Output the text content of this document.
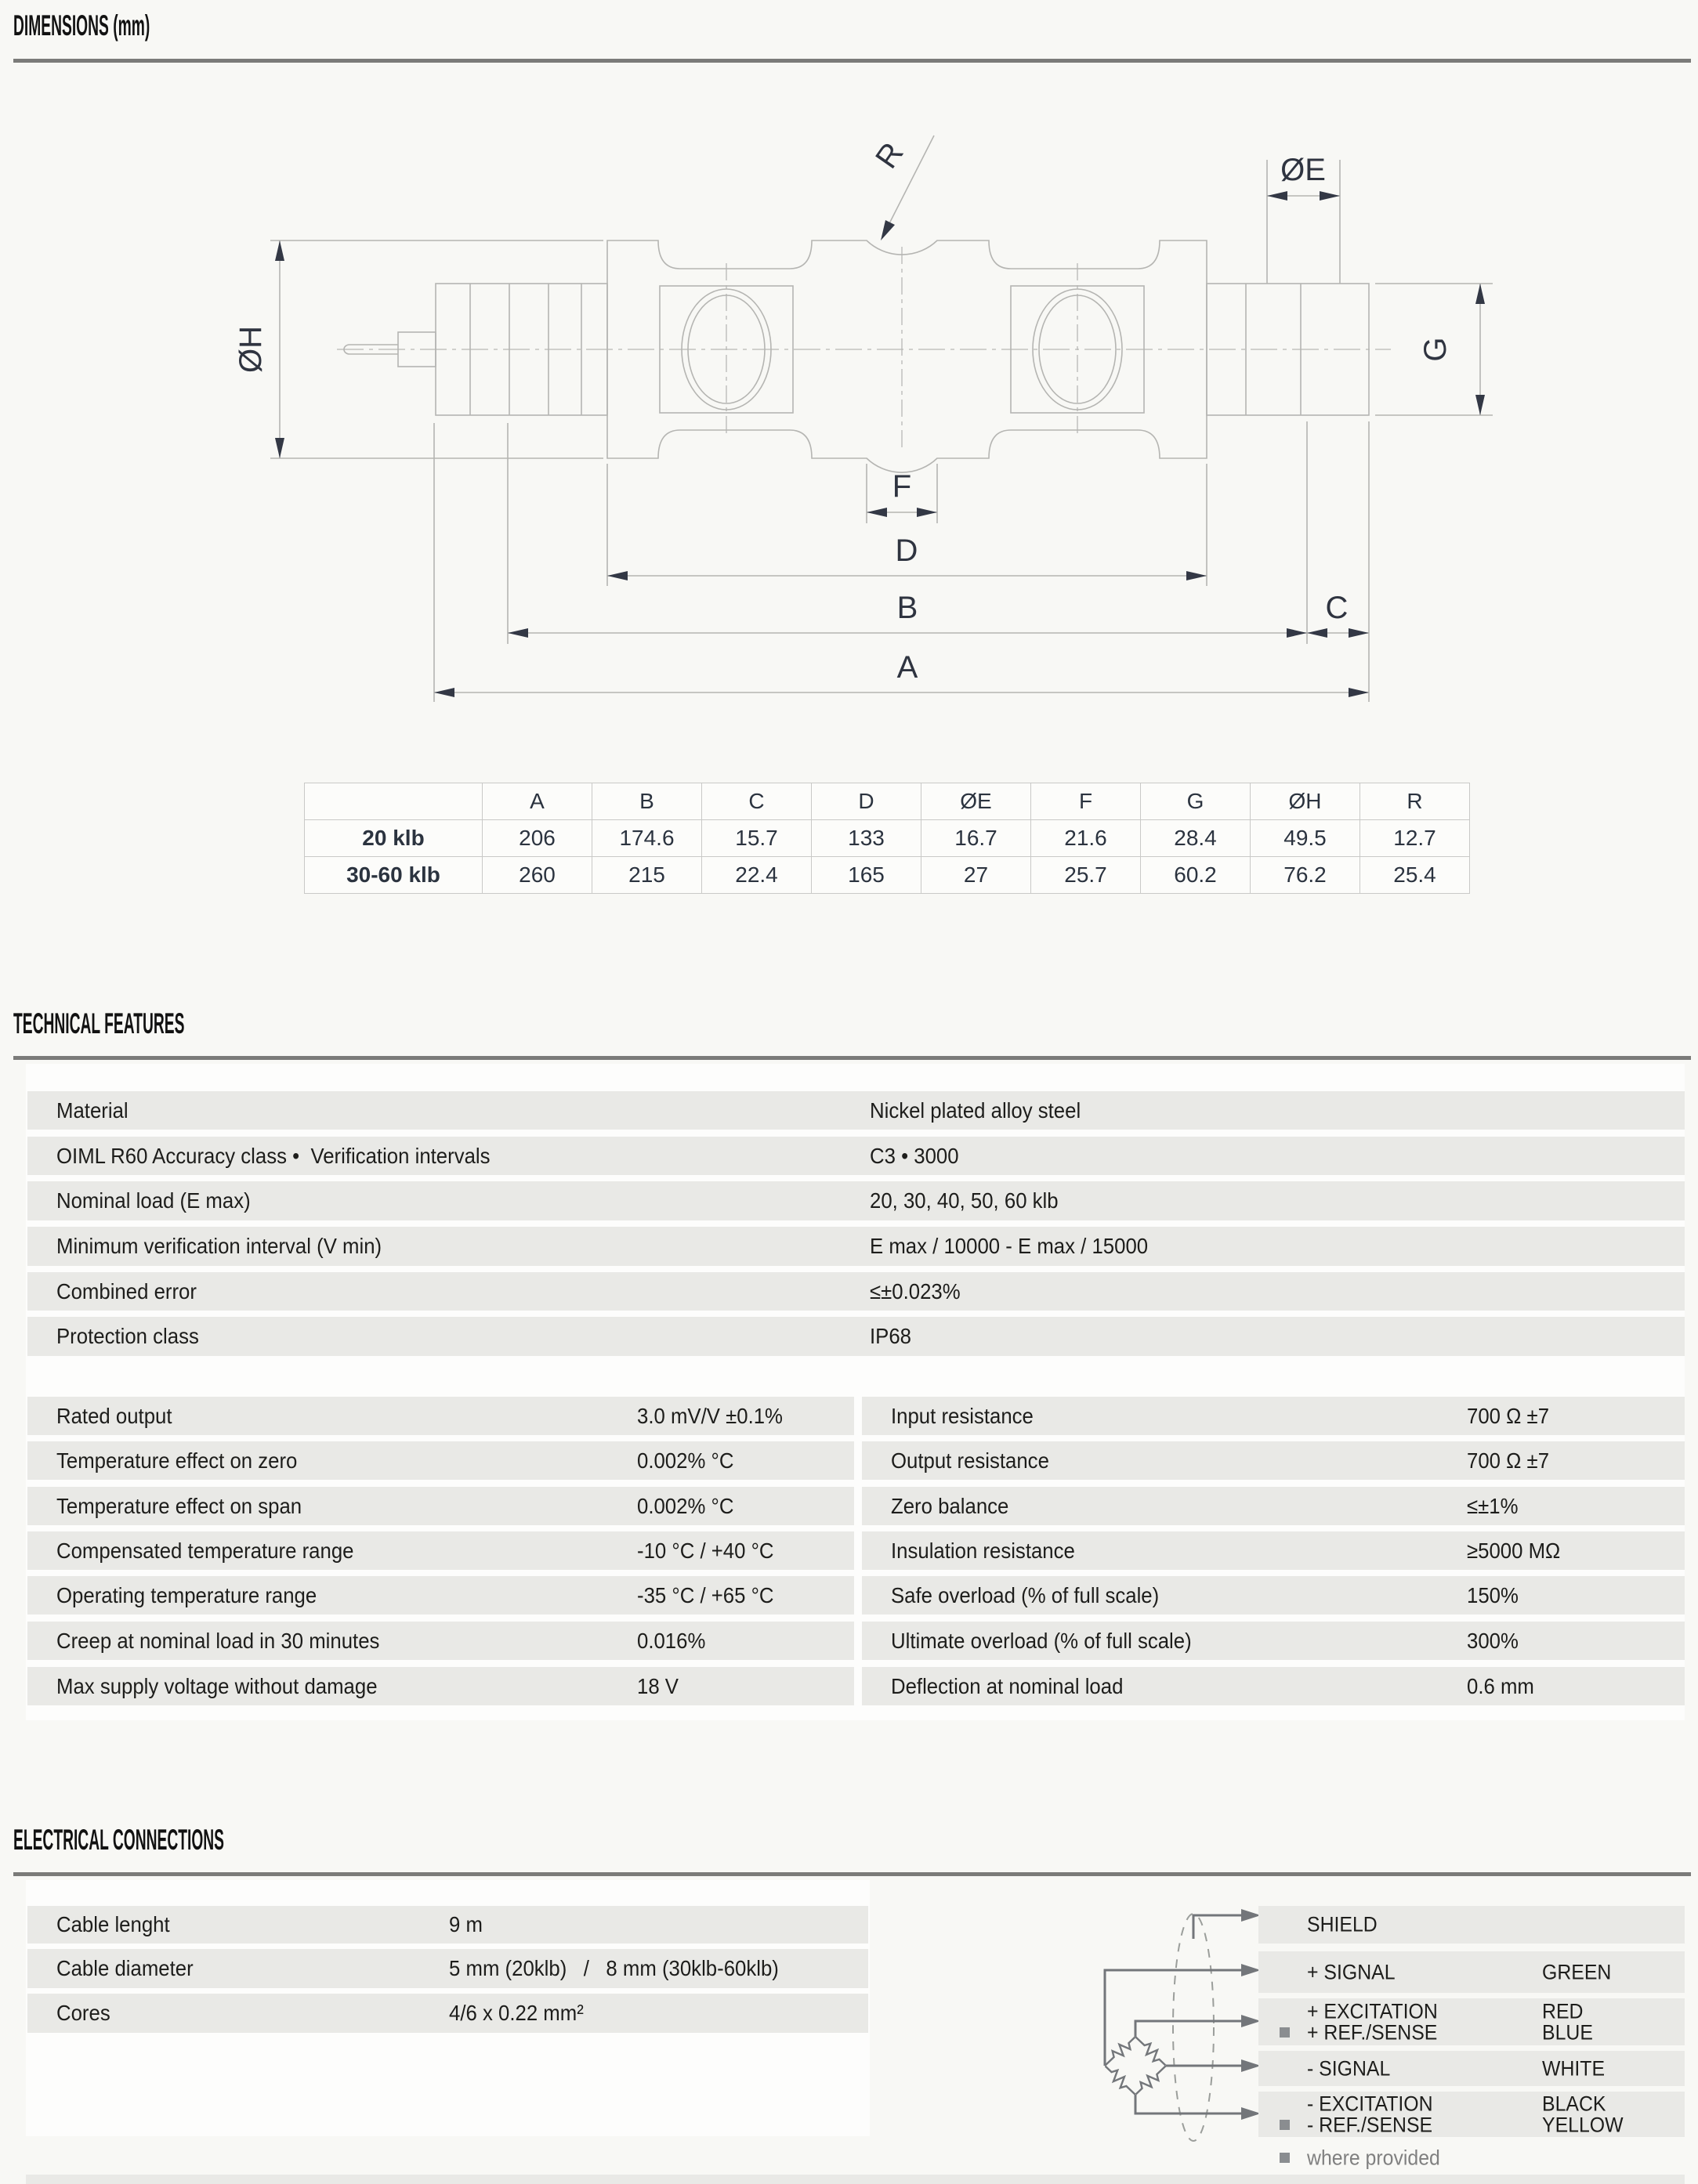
DIMENSIONS (mm)
ØH
ØE
G
R
F
D
B	C
A
	A	B	C	D	ØE	F	G	ØH	R
20 klb	206	174.6	15.7	133	16.7	21.6	28.4	49.5	12.7
30-60 klb	260	215	22.4	165	27	25.7	60.2	76.2	25.4
TECHNICAL FEATURES
Material	Nickel plated alloy steel
OIML R60 Accuracy class •  Verification intervals	C3 • 3000
Nominal load (E max)	20, 30, 40, 50, 60 klb
Minimum verification interval (V min)	E max / 10000 - E max / 15000
Combined error	≤±0.023%
Protection class	IP68
Rated output	3.0 mV/V ±0.1%
Temperature effect on zero	0.002% °C
Temperature effect on span	0.002% °C
Compensated temperature range	-10 °C / +40 °C
Operating temperature range	-35 °C / +65 °C
Creep at nominal load in 30 minutes	0.016%
Max supply voltage without damage	18 V
Input resistance	700 Ω ±7
Output resistance	700 Ω ±7
Zero balance	≤±1%
Insulation resistance	≥5000 MΩ
Safe overload (% of full scale)	150%
Ultimate overload (% of full scale)	300%
Deflection at nominal load	0.6 mm
ELECTRICAL CONNECTIONS
Cable lenght	9 m
Cable diameter	5 mm (20klb)   /   8 mm (30klb-60klb)
Cores	4/6 x 0.22 mm²
SHIELD
+ SIGNAL	GREEN
+ EXCITATION	RED
+ REF./SENSE	BLUE
- SIGNAL	WHITE
- EXCITATION	BLACK
- REF./SENSE	YELLOW
where provided
